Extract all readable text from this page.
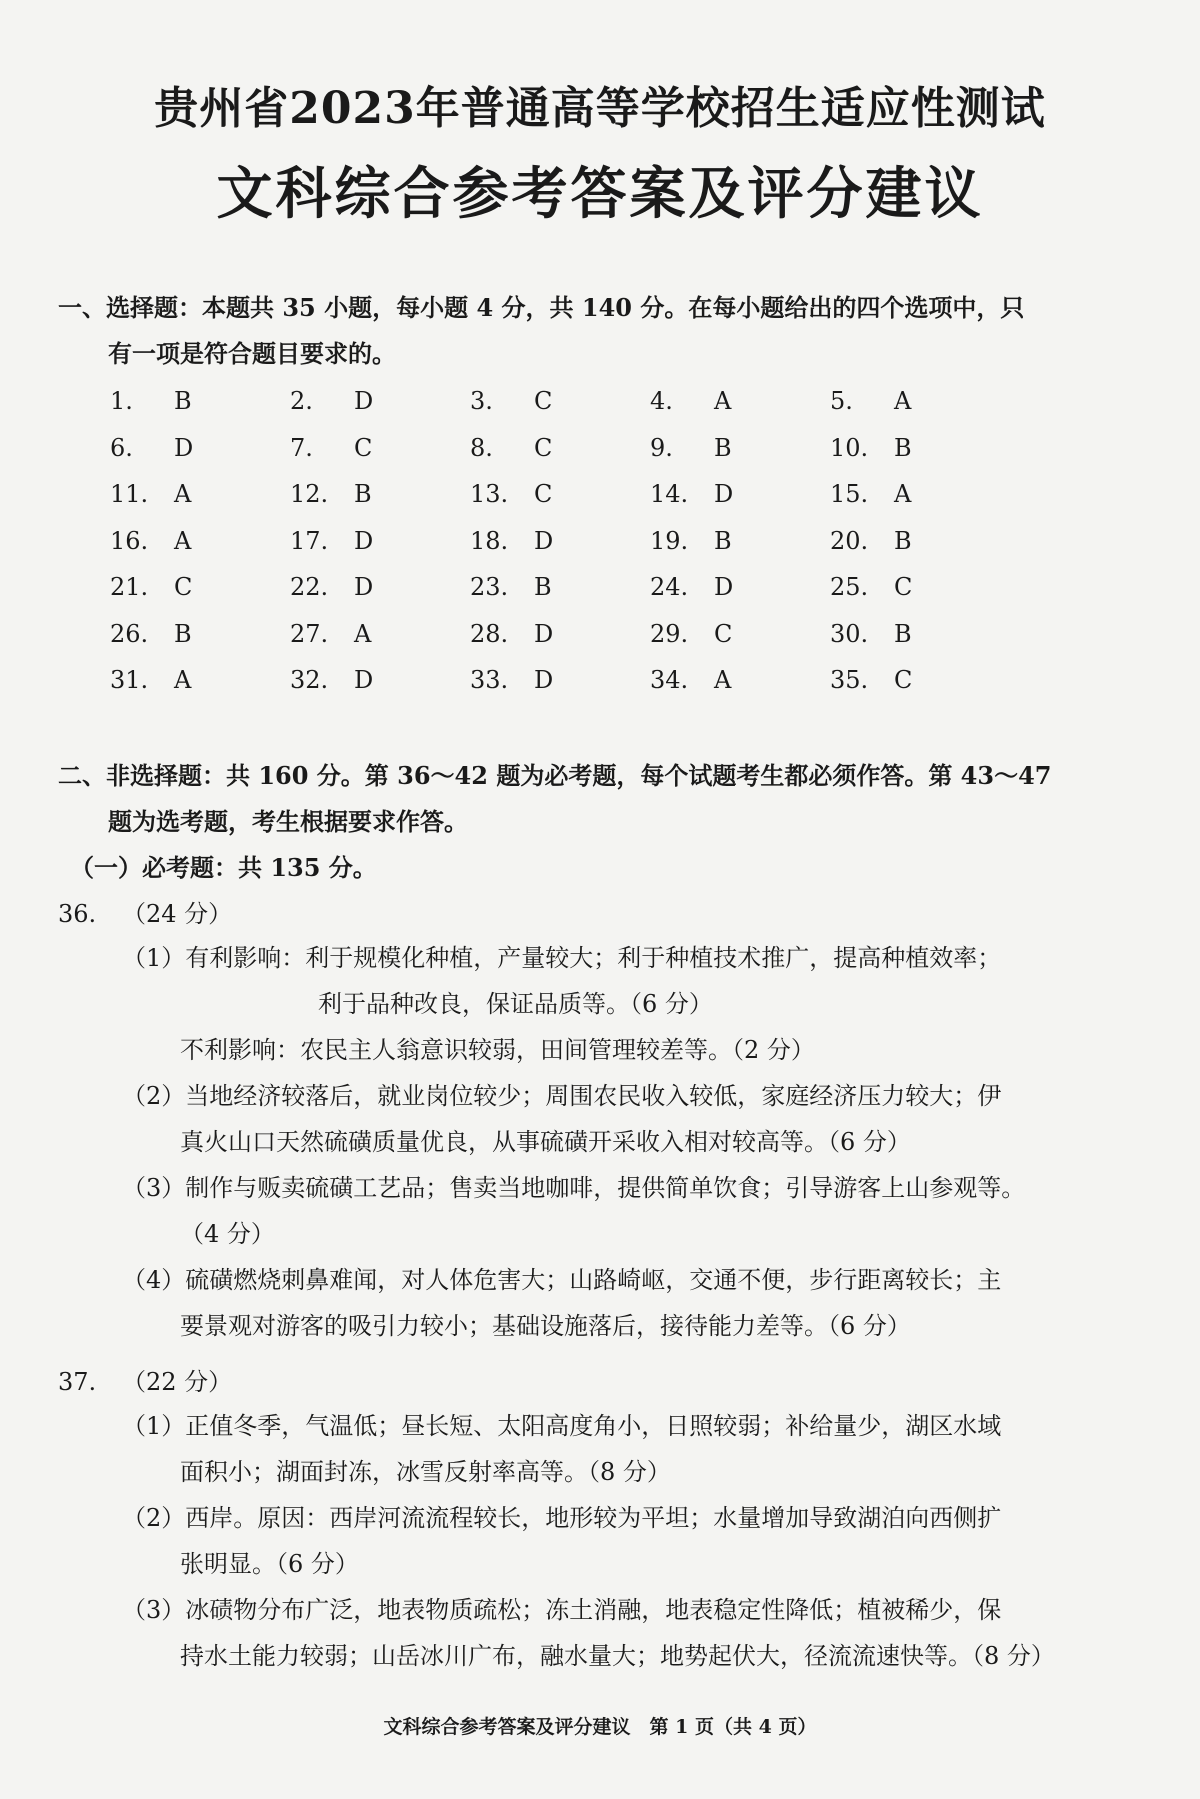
贵州省2023年普通高等学校招生适应性测试
文科综合参考答案及评分建议
一、选择题：本题共 35 小题，每小题 4 分，共 140 分。在每小题给出的四个选项中，只
有一项是符合题目要求的。
1.	B	2.	D	3.	C	4.	A	5.	A
6.	D	7.	C	8.	C	9.	B	10.	B
11.	A	12.	B	13.	C	14.	D	15.	A
16.	A	17.	D	18.	D	19.	B	20.	B
21.	C	22.	D	23.	B	24.	D	25.	C
26.	B	27.	A	28.	D	29.	C	30.	B
31.	A	32.	D	33.	D	34.	A	35.	C
二、非选择题：共 160 分。第 36～42 题为必考题，每个试题考生都必须作答。第 43～47
题为选考题，考生根据要求作答。
（一）必考题：共 135 分。
36. （24 分）
（1）有利影响：利于规模化种植，产量较大；利于种植技术推广，提高种植效率；
利于品种改良，保证品质等。（6 分）
不利影响：农民主人翁意识较弱，田间管理较差等。（2 分）
（2）当地经济较落后，就业岗位较少；周围农民收入较低，家庭经济压力较大；伊
真火山口天然硫磺质量优良，从事硫磺开采收入相对较高等。（6 分）
（3）制作与贩卖硫磺工艺品；售卖当地咖啡，提供简单饮食；引导游客上山参观等。
（4 分）
（4）硫磺燃烧刺鼻难闻，对人体危害大；山路崎岖，交通不便，步行距离较长；主
要景观对游客的吸引力较小；基础设施落后，接待能力差等。（6 分）
37. （22 分）
（1）正值冬季，气温低；昼长短、太阳高度角小，日照较弱；补给量少，湖区水域
面积小；湖面封冻，冰雪反射率高等。（8 分）
（2）西岸。原因：西岸河流流程较长，地形较为平坦；水量增加导致湖泊向西侧扩
张明显。（6 分）
（3）冰碛物分布广泛，地表物质疏松；冻土消融，地表稳定性降低；植被稀少，保
持水土能力较弱；山岳冰川广布，融水量大；地势起伏大，径流流速快等。（8 分）
文科综合参考答案及评分建议　第 1 页（共 4 页）
